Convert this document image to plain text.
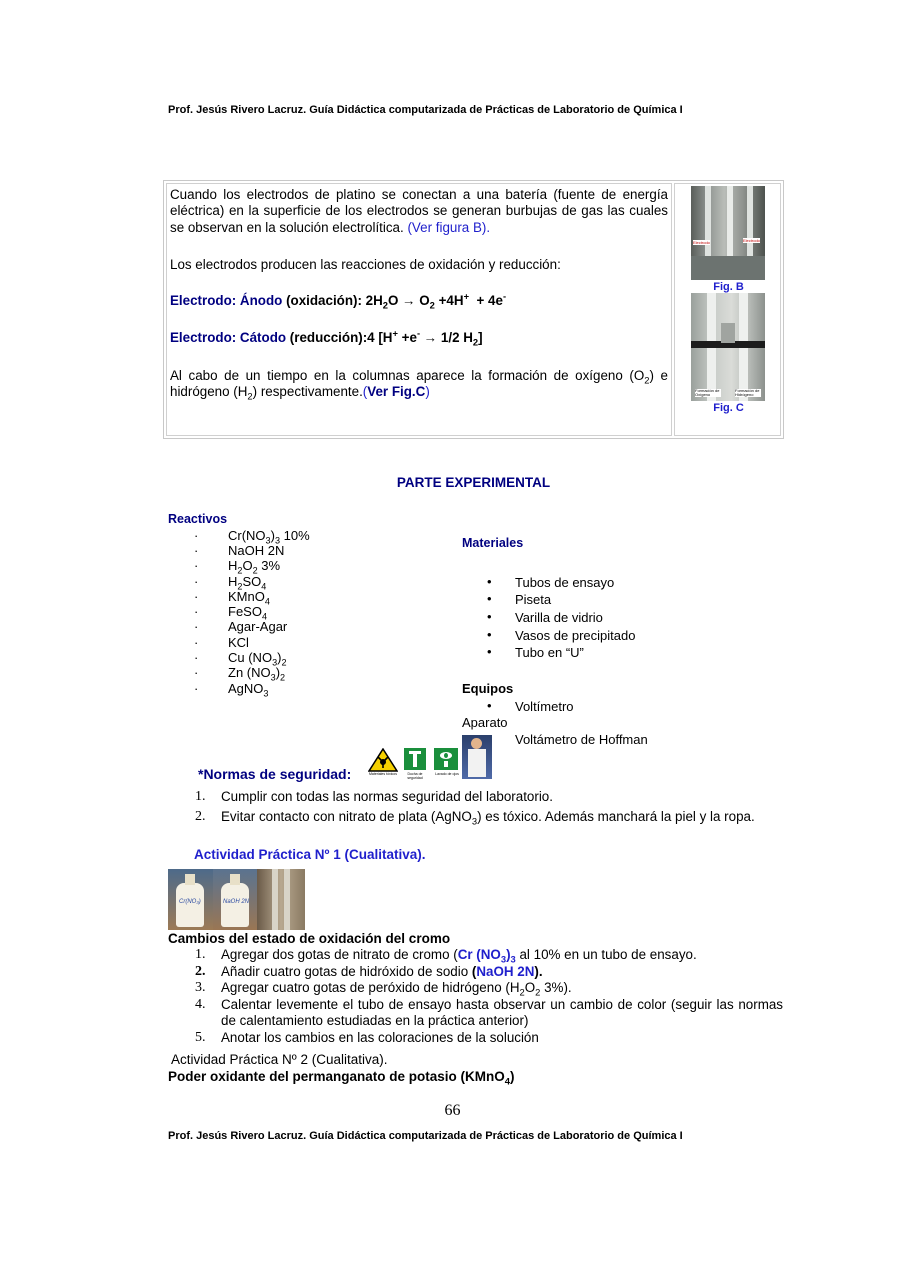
Prof. Jesús Rivero Lacruz. Guía Didáctica computarizada de Prácticas de Laboratorio de Química I

Cuando los electrodos de platino se conectan a una batería (fuente de energía eléctrica) en la superficie de los electrodos se generan burbujas de gas las cuales se observan en la solución electrolítica. (Ver figura B).

Los electrodos producen las reacciones de oxidación y reducción:

Electrodo: Ánodo (oxidación): $2H_2O \to O_2 +4H^+ + 4e^-$

Electrodo: Cátodo (reducción):4 [H+ +e- → 1/2 $H_2$]

Al cabo de un tiempo en la columnas aparece la formación de oxígeno $(O_2)$ e hidrógeno $(H_2)$ respectivamente.(Ver Fig.C)

Electrodo	Electrodo
Fig. B
Formación de Oxígeno
Formación de Hidrógeno
Fig. C
PARTE EXPERIMENTAL
Reactivos
· $Cr(NO_3)_3$ 10%
· NaOH 2N
· $H_2O_2$ 3%
· $H_2SO_4$
· KMnO$_4$
· FeSO$_4$
· Agar-Agar
· KCl
· Cu $(NO_3)_2$
· Zn $(NO_3)_2$
· AgNO$_3$
Materiales
• Tubos de ensayo
• Piseta
• Varilla de vidrio
• Vasos de precipitado
• Tubo en “U”
Equipos
• Voltímetro
Aparato
Voltámetro de Hoffman
*Normas de seguridad:	Materiales tóxicos	Ducha de seguridad
Lavado de ojos
1. Cumplir con todas las normas seguridad del laboratorio.
2. Evitar contacto con nitrato de plata (AgNO$_3$) es tóxico. Además manchará la piel y la ropa.
Actividad Práctica Nº 1 (Cualitativa).
Cr(NO₃)	NaOH 2N
Cambios del estado de oxidación del cromo
1. Agregar dos gotas de nitrato de cromo (Cr $(NO_3)_3$ al 10% en un tubo de ensayo.
2. Añadir cuatro gotas de hidróxido de sodio (NaOH 2N).
3. Agregar cuatro gotas de peróxido de hidrógeno ($H_2O_2$ 3%).
4. Calentar levemente el tubo de ensayo hasta observar un cambio de color (seguir las normas de calentamiento estudiadas en la práctica anterior)
5. Anotar los cambios en las coloraciones de la solución
Actividad Práctica Nº 2 (Cualitativa).
Poder oxidante del permanganato de potasio (KMnO$_4$)
66
Prof. Jesús Rivero Lacruz. Guía Didáctica computarizada de Prácticas de Laboratorio de Química I
